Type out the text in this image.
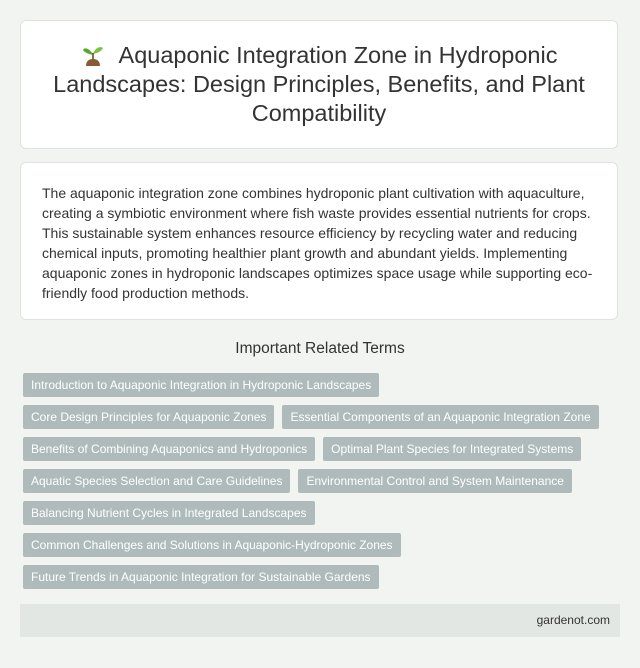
Aquaponic Integration Zone in Hydroponic Landscapes: Design Principles, Benefits, and Plant Compatibility

The aquaponic integration zone combines hydroponic plant cultivation with aquaculture, creating a symbiotic environment where fish waste provides essential nutrients for crops. This sustainable system enhances resource efficiency by recycling water and reducing chemical inputs, promoting healthier plant growth and abundant yields. Implementing aquaponic zones in hydroponic landscapes optimizes space usage while supporting eco-friendly food production methods.

Important Related Terms
Introduction to Aquaponic Integration in Hydroponic Landscapes
Core Design Principles for Aquaponic Zones	Essential Components of an Aquaponic Integration Zone
Benefits of Combining Aquaponics and Hydroponics	Optimal Plant Species for Integrated Systems
Aquatic Species Selection and Care Guidelines	Environmental Control and System Maintenance
Balancing Nutrient Cycles in Integrated Landscapes
Common Challenges and Solutions in Aquaponic-Hydroponic Zones
Future Trends in Aquaponic Integration for Sustainable Gardens
gardenot.com
